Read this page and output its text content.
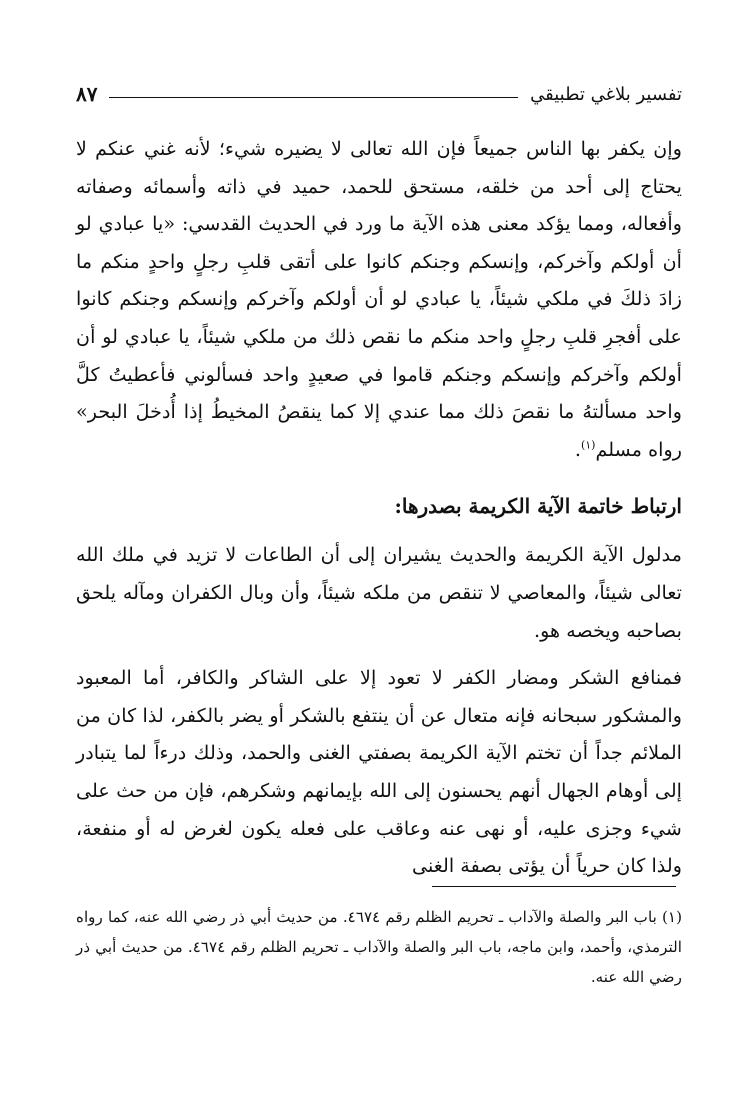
تفسير بلاغي تطبيقي
٨٧

وإن يكفر بها الناس جميعاً فإن الله تعالى لا يضيره شيء؛ لأنه غني عنكم لا يحتاج إلى أحد من خلقه، مستحق للحمد، حميد في ذاته وأسمائه وصفاته وأفعاله، ومما يؤكد معنى هذه الآية ما ورد في الحديث القدسي: «يا عبادي لو أن أولكم وآخركم، وإنسكم وجنكم كانوا على أتقى قلبِ رجلٍ واحدٍ منكم ما زادَ ذلكَ في ملكي شيئاً، يا عبادي لو أن أولكم وآخركم وإنسكم وجنكم كانوا على أفجرِ قلبِ رجلٍ واحد منكم ما نقص ذلك من ملكي شيئاً، يا عبادي لو أن أولكم وآخركم وإنسكم وجنكم قاموا في صعيدٍ واحد فسألوني فأعطيتُ كلَّ واحد مسألتهُ ما نقصَ ذلك مما عندي إلا كما ينقصُ المخيطُ إذا أُدخلَ البحر» رواه مسلم$^{(١)}$.

ارتباط خاتمة الآية الكريمة بصدرها:

مدلول الآية الكريمة والحديث يشيران إلى أن الطاعات لا تزيد في ملك الله تعالى شيئاً، والمعاصي لا تنقص من ملكه شيئاً، وأن وبال الكفران ومآله يلحق بصاحبه ويخصه هو.

فمنافع الشكر ومضار الكفر لا تعود إلا على الشاكر والكافر، أما المعبود والمشكور سبحانه فإنه متعال عن أن ينتفع بالشكر أو يضر بالكفر، لذا كان من الملائم جداً أن تختم الآية الكريمة بصفتي الغنى والحمد، وذلك درءاً لما يتبادر إلى أوهام الجهال أنهم يحسنون إلى الله بإيمانهم وشكرهم، فإن من حث على شيء وجزى عليه، أو نهى عنه وعاقب على فعله يكون لغرض له أو منفعة، ولذا كان حرياً أن يؤتى بصفة الغنى

(١) باب البر والصلة والآداب ـ تحريم الظلم رقم ٤٦٧٤. من حديث أبي ذر رضي الله عنه، كما رواه الترمذي، وأحمد، وابن ماجه، باب البر والصلة والآداب ـ تحريم الظلم رقم ٤٦٧٤. من حديث أبي ذر رضي الله عنه.
